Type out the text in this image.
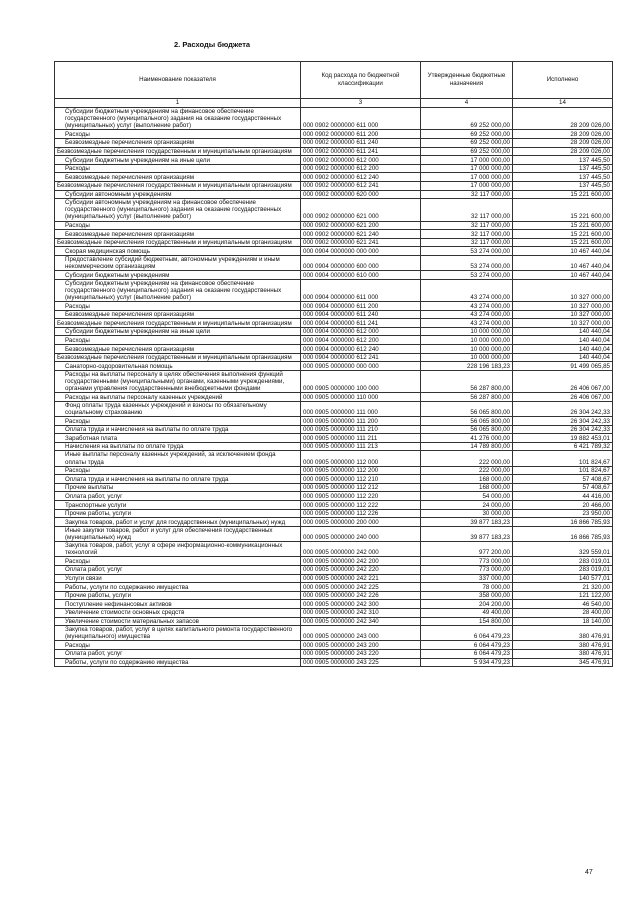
2. Расходы бюджета
Наименование показателя	Код расхода по бюджетной классификации	Утвержденные бюджетные назначения	Исполнено
1	3	4	14
Субсидии бюджетным учреждениям на финансовое обеспечение государственного (муниципального) задания на оказание государственных (муниципальных) услуг (выполнение работ)	000 0902 0000000 611 000	69 252 000,00	28 209 026,00
Расходы	000 0902 0000000 611 200	69 252 000,00	28 209 026,00
Безвозмездные перечисления организациям	000 0902 0000000 611 240	69 252 000,00	28 209 026,00
Безвозмездные перечисления государственным и муниципальным организациям	000 0902 0000000 611 241	69 252 000,00	28 209 026,00
Субсидии бюджетным учреждениям на иные цели	000 0902 0000000 612 000	17 000 000,00	137 445,50
Расходы	000 0902 0000000 612 200	17 000 000,00	137 445,50
Безвозмездные перечисления организациям	000 0902 0000000 612 240	17 000 000,00	137 445,50
Безвозмездные перечисления государственным и муниципальным организациям	000 0902 0000000 612 241	17 000 000,00	137 445,50
Субсидии автономным учреждениям	000 0902 0000000 620 000	32 117 000,00	15 221 600,00
Субсидии автономным учреждениям на финансовое обеспечение государственного (муниципального) задания на оказание государственных (муниципальных) услуг (выполнение работ)	000 0902 0000000 621 000	32 117 000,00	15 221 600,00
Расходы	000 0902 0000000 621 200	32 117 000,00	15 221 600,00
Безвозмездные перечисления организациям	000 0902 0000000 621 240	32 117 000,00	15 221 600,00
Безвозмездные перечисления государственным и муниципальным организациям	000 0902 0000000 621 241	32 117 000,00	15 221 600,00
Скорая медицинская помощь	000 0904 0000000 000 000	53 274 000,00	10 467 440,04
Предоставление субсидий бюджетным, автономным учреждениям и иным некоммерческим организациям	000 0904 0000000 600 000	53 274 000,00	10 467 440,04
Субсидии бюджетным учреждениям	000 0904 0000000 610 000	53 274 000,00	10 467 440,04
Субсидии бюджетным учреждениям на финансовое обеспечение государственного (муниципального) задания на оказание государственных (муниципальных) услуг (выполнение работ)	000 0904 0000000 611 000	43 274 000,00	10 327 000,00
Расходы	000 0904 0000000 611 200	43 274 000,00	10 327 000,00
Безвозмездные перечисления организациям	000 0904 0000000 611 240	43 274 000,00	10 327 000,00
Безвозмездные перечисления государственным и муниципальным организациям	000 0904 0000000 611 241	43 274 000,00	10 327 000,00
Субсидии бюджетным учреждениям на иные цели	000 0904 0000000 612 000	10 000 000,00	140 440,04
Расходы	000 0904 0000000 612 200	10 000 000,00	140 440,04
Безвозмездные перечисления организациям	000 0904 0000000 612 240	10 000 000,00	140 440,04
Безвозмездные перечисления государственным и муниципальным организациям	000 0904 0000000 612 241	10 000 000,00	140 440,04
Санаторно-оздоровительная помощь	000 0905 0000000 000 000	228 196 183,23	91 499 065,85
Расходы на выплаты персоналу в целях обеспечения выполнения функций государственными (муниципальными) органами, казенными учреждениями, органами управления государственными внебюджетными фондами	000 0905 0000000 100 000	56 287 800,00	26 406 067,00
Расходы на выплаты персоналу казенных учреждений	000 0905 0000000 110 000	56 287 800,00	26 406 067,00
Фонд оплаты труда казенных учреждений и взносы по обязательному социальному страхованию	000 0905 0000000 111 000	56 065 800,00	26 304 242,33
Расходы	000 0905 0000000 111 200	56 065 800,00	26 304 242,33
Оплата труда и начисления на выплаты по оплате труда	000 0905 0000000 111 210	56 065 800,00	26 304 242,33
Заработная плата	000 0905 0000000 111 211	41 276 000,00	19 882 453,01
Начисления на выплаты по оплате труда	000 0905 0000000 111 213	14 789 800,00	6 421 789,32
Иные выплаты персоналу казенных учреждений, за исключением фонда оплаты труда	000 0905 0000000 112 000	222 000,00	101 824,67
Расходы	000 0905 0000000 112 200	222 000,00	101 824,67
Оплата труда и начисления на выплаты по оплате труда	000 0905 0000000 112 210	168 000,00	57 408,67
Прочие выплаты	000 0905 0000000 112 212	168 000,00	57 408,67
Оплата работ, услуг	000 0905 0000000 112 220	54 000,00	44 416,00
Транспортные услуги	000 0905 0000000 112 222	24 000,00	20 466,00
Прочие работы, услуги	000 0905 0000000 112 226	30 000,00	23 950,00
Закупка товаров, работ и услуг для государственных (муниципальных) нужд	000 0905 0000000 200 000	39 877 183,23	16 866 785,93
Иные закупки товаров, работ и услуг для обеспечения государственных (муниципальных) нужд	000 0905 0000000 240 000	39 877 183,23	16 866 785,93
Закупка товаров, работ, услуг в сфере информационно-коммуникационных технологий	000 0905 0000000 242 000	977 200,00	329 559,01
Расходы	000 0905 0000000 242 200	773 000,00	283 019,01
Оплата работ, услуг	000 0905 0000000 242 220	773 000,00	283 019,01
Услуги связи	000 0905 0000000 242 221	337 000,00	140 577,01
Работы, услуги по содержанию имущества	000 0905 0000000 242 225	78 000,00	21 320,00
Прочие работы, услуги	000 0905 0000000 242 226	358 000,00	121 122,00
Поступление нефинансовых активов	000 0905 0000000 242 300	204 200,00	46 540,00
Увеличение стоимости основных средств	000 0905 0000000 242 310	49 400,00	28 400,00
Увеличение стоимости материальных запасов	000 0905 0000000 242 340	154 800,00	18 140,00
Закупка товаров, работ, услуг в целях капитального ремонта государственного (муниципального) имущества	000 0905 0000000 243 000	6 064 479,23	380 476,91
Расходы	000 0905 0000000 243 200	6 064 479,23	380 476,91
Оплата работ, услуг	000 0905 0000000 243 220	6 064 479,23	380 476,91
Работы, услуги по содержанию имущества	000 0905 0000000 243 225	5 934 479,23	345 476,91
47
